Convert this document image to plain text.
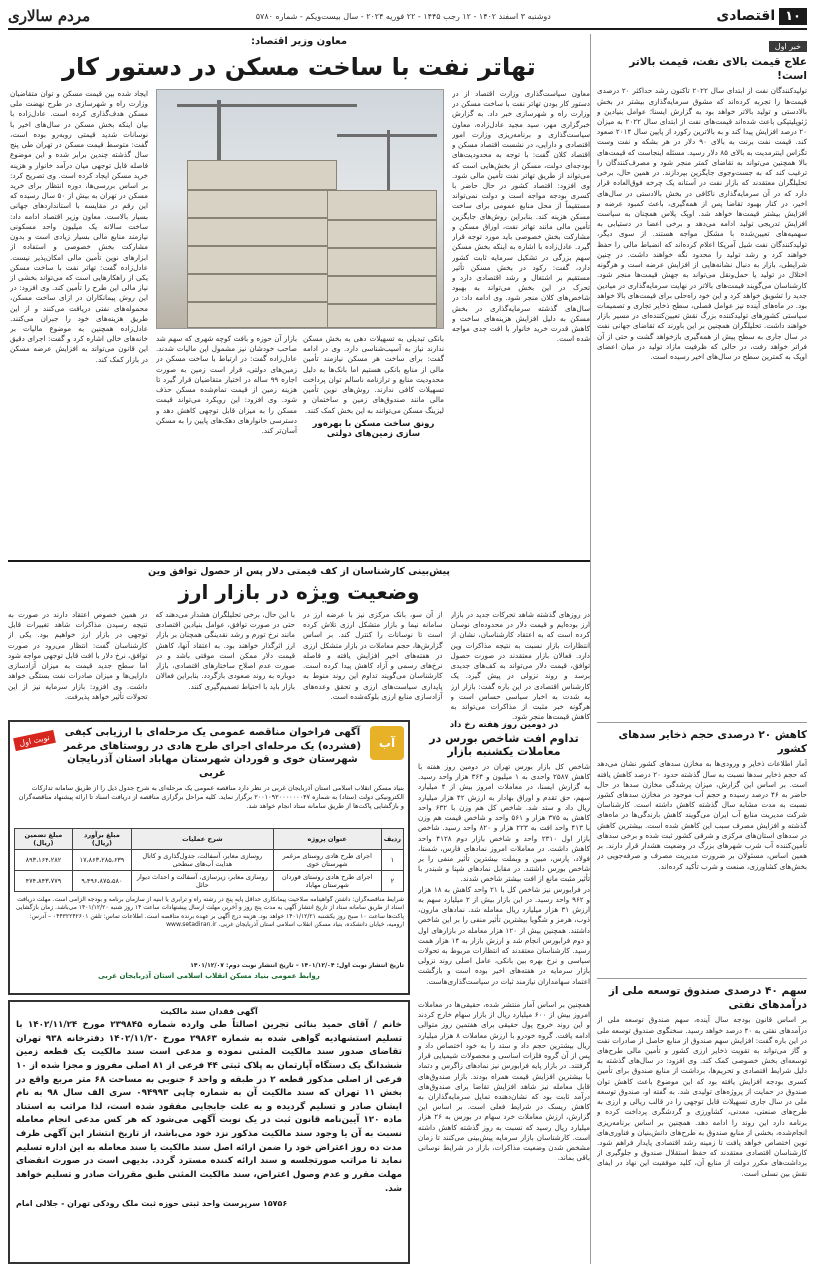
۱۰
اقتصادی
دوشنبه ۳ اسفند ۱۴۰۲ - ۱۲ رجب ۱۴۴۵ - ۲۲ فوریه ۲۰۲۴ - سال بیست‌ویکم - شماره ۵۷۸۰
مردم سالاری
خبر اول
علاج قیمت بالای نفت، قیمت بالاتر است!

تولیدکنندگان نفت از ابتدای سال ۲۰۲۲ تاکنون رشد حداکثر ۲۰ درصدی قیمت‌ها را تجربه کرده‌اند که مشوق سرمایه‌گذاری بیشتر در بخش بالادستی و تولید بالاتر خواهد بود به گزارش ایسنا؛ عوامل بنیادین و ژئوپلیتیکی باعث شده‌اند قیمت‌های نفت از ابتدای سال ۲۰۲۲ به میزان ۲۰ درصد افزایش پیدا کند و به بالاترین رکورد از پایین سال ۲۰۱۴ صعود کند. قیمت نفت برنت به بالای ۹۰ دلار در هر بشکه و نفت وست تگزاس اینترمدیت به بالای ۸۵ دلار رسید. مسئله اینجاست که قیمت‌های بالا همچنین می‌تواند به تقاضای کمتر منجر شود و مصرف‌کنندگان را ترغیب کند که به جست‌وجوی جایگزین بپردازند. در همین حال، برخی تحلیلگران معتقدند که بازار نفت در آستانه یک چرخه فوق‌العاده قرار دارد که در آن سرمایه‌گذاری ناکافی در بخش بالادستی در سال‌های اخیر، در کنار بهبود تقاضا پس از همه‌گیری، باعث کمبود عرضه و افزایش بیشتر قیمت‌ها خواهد شد. اوپک پلاس همچنان به سیاست افزایش تدریجی تولید ادامه می‌دهد و برخی اعضا در دستیابی به سهمیه‌های تعیین‌شده با مشکل مواجه هستند. از سوی دیگر، تولیدکنندگان نفت شیل آمریکا اعلام کرده‌اند که انضباط مالی را حفظ خواهند کرد و رشد تولید را محدود نگه خواهند داشت. در چنین شرایطی، بازار به دنبال نشانه‌هایی از افزایش عرضه است و هرگونه اختلال در تولید یا حمل‌ونقل می‌تواند به جهش قیمت‌ها منجر شود. کارشناسان می‌گویند قیمت‌های بالاتر در نهایت سرمایه‌گذاری در میادین جدید را تشویق خواهد کرد و این خود راه‌حلی برای قیمت‌های بالا خواهد بود. در ماه‌های آینده نیز عوامل فصلی، سطح ذخایر تجاری و تصمیمات سیاستی کشورهای تولیدکننده بزرگ نقش تعیین‌کننده‌ای در مسیر بازار خواهند داشت. تحلیلگران همچنین بر این باورند که تقاضای جهانی نفت در سال جاری به سطح پیش از همه‌گیری بازخواهد گشت و حتی از آن فراتر خواهد رفت، در حالی که ظرفیت مازاد تولید در میان اعضای اوپک به کمترین سطح در سال‌های اخیر رسیده است.

کاهش ۲۰ درصدی حجم ذخایر سدهای کشور

آمار اطلاعات ذخایر و ورودی‌ها به مخازن سدهای کشور نشان می‌دهد که حجم ذخایر سدها نسبت به سال گذشته حدود ۲۰ درصد کاهش یافته است. بر اساس این گزارش، میزان پرشدگی مخازن سدها در حال حاضر به ۴۶ درصد رسیده و حجم آب موجود در مخازن سدهای کشور نسبت به مدت مشابه سال گذشته کاهش داشته است. کارشناسان شرکت مدیریت منابع آب ایران می‌گویند کاهش بارندگی‌ها در ماه‌های گذشته و افزایش مصرف سبب این کاهش شده است. بیشترین کاهش در سدهای استان‌های مرکزی و شرقی کشور ثبت شده و برخی سدهای تأمین‌کننده آب شرب شهرهای بزرگ در وضعیت هشدار قرار دارند. بر همین اساس، مسئولان بر ضرورت مدیریت مصرف و صرفه‌جویی در بخش‌های کشاورزی، صنعت و شرب تأکید کرده‌اند.

سهم ۴۰ درصدی صندوق توسعه ملی از درآمدهای نفتی

بر اساس قانون بودجه سال آینده، سهم صندوق توسعه ملی از درآمدهای نفتی به ۴۰ درصد خواهد رسید. سخنگوی صندوق توسعه ملی در این باره گفت: افزایش سهم صندوق از منابع حاصل از صادرات نفت و گاز می‌تواند به تقویت ذخایر ارزی کشور و تأمین مالی طرح‌های توسعه‌ای بخش خصوصی کمک کند. وی افزود: در سال‌های گذشته به دلیل شرایط اقتصادی و تحریم‌ها، برداشت از منابع صندوق برای تأمین کسری بودجه افزایش یافته بود که این موضوع باعث کاهش توان صندوق در حمایت از پروژه‌های تولیدی شد. به گفته او، صندوق توسعه ملی در سال جاری تسهیلات قابل توجهی را در قالب ریالی و ارزی به طرح‌های صنعتی، معدنی، کشاورزی و گردشگری پرداخت کرده و برنامه دارد این روند را ادامه دهد. همچنین بر اساس برنامه‌ریزی انجام‌شده، بخشی از منابع صندوق به طرح‌های دانش‌بنیان و فناوری‌های نوین اختصاص خواهد یافت تا زمینه رشد اقتصادی پایدار فراهم شود. کارشناسان اقتصادی معتقدند که حفظ استقلال صندوق و جلوگیری از برداشت‌های مکرر دولت از منابع آن، کلید موفقیت این نهاد در ایفای نقش بین نسلی است.

معاون وزیر اقتصاد:
تهاتر نفت با ساخت مسکن در دستور کار
معاون سیاست‌گذاری وزارت اقتصاد از در دستور کار بودن تهاتر نفت با ساخت مسکن در وزارت راه و شهرسازی خبر داد. به گزارش خبرگزاری مهر، سید مجید عادل‌زاده، معاون سیاست‌گذاری و برنامه‌ریزی وزارت امور اقتصادی و دارایی، در نشست اقتصاد مسکن و اقتصاد کلان گفت: با توجه به محدودیت‌های بودجه‌ای دولت، مسکن از بخش‌هایی است که می‌تواند از طریق تهاتر نفت تأمین مالی شود. وی افزود: اقتصاد کشور در حال حاضر با کسری بودجه مواجه است و دولت نمی‌تواند مستقیماً از محل منابع عمومی برای ساخت مسکن هزینه کند. بنابراین روش‌های جایگزین تأمین مالی مانند تهاتر نفت، اوراق مسکن و مشارکت بخش خصوصی باید مورد توجه قرار گیرد. عادل‌زاده با اشاره به اینکه بخش مسکن سهم بزرگی در تشکیل سرمایه ثابت کشور دارد، گفت: رکود در بخش مسکن تأثیر مستقیم بر اشتغال و رشد اقتصادی دارد و تحرک در این بخش می‌تواند به بهبود شاخص‌های کلان منجر شود. وی ادامه داد: در سال‌های گذشته سرمایه‌گذاری در بخش مسکن به دلیل افزایش هزینه‌های ساخت و کاهش قدرت خرید خانوار با افت جدی مواجه شده است.

بانکی تبدیلی به تسهیلات دهی به بخش مسکن ندارند نیاز به آسیب‌شناسی دارد. وی در ادامه گفت: برای ساخت هر مسکن نیازمند تأمین مالی از منابع بانکی هستیم اما بانک‌ها به دلیل محدودیت منابع و ترازنامه ناسالم توان پرداخت تسهیلات کافی ندارند. روش‌های نوین تأمین مالی مانند صندوق‌های زمین و ساختمان و لیزینگ مسکن می‌توانند به این بخش کمک کنند.

رونق ساخت مسکن با بهره‌ور سازی زمین‌های دولتی
بازار آن حوزه و بافت کوچه شهری که سهم شد صاحب خودشان نیز مشمول این مالیات شدند. عادل‌زاده گفت: در ارتباط با ساخت مسکن در زمین‌های دولتی، قرار است زمین به صورت اجاره ۹۹ ساله در اختیار متقاضیان قرار گیرد تا هزینه زمین از قیمت تمام‌شده مسکن حذف شود. وی افزود: این رویکرد می‌تواند قیمت مسکن را به میزان قابل توجهی کاهش دهد و دسترسی خانوارهای دهک‌های پایین را به مسکن آسان‌تر کند.
ایجاد شده بین قیمت مسکن و توان متقاضیان وزارت راه و شهرسازی در طرح نهضت ملی مسکن هدف‌گذاری کرده است. عادل‌زاده با بیان اینکه بخش مسکن در سال‌های اخیر با نوسانات شدید قیمتی روبه‌رو بوده است، گفت: متوسط قیمت مسکن در تهران طی پنج سال گذشته چندین برابر شده و این موضوع فاصله قابل توجهی میان درآمد خانوار و هزینه خرید مسکن ایجاد کرده است. وی تصریح کرد: بر اساس بررسی‌ها، دوره انتظار برای خرید مسکن در تهران به بیش از ۵۰ سال رسیده که این رقم در مقایسه با استانداردهای جهانی بسیار بالاست. معاون وزیر اقتصاد ادامه داد: ساخت سالانه یک میلیون واحد مسکونی نیازمند منابع مالی بسیار زیادی است و بدون مشارکت بخش خصوصی و استفاده از ابزارهای نوین تأمین مالی امکان‌پذیر نیست. عادل‌زاده گفت: تهاتر نفت با ساخت مسکن یکی از راهکارهایی است که می‌تواند بخشی از نیاز مالی این طرح را تأمین کند. وی افزود: در این روش پیمانکاران در ازای ساخت مسکن، محموله‌های نفتی دریافت می‌کنند و از این طریق هزینه‌های خود را جبران می‌کنند. عادل‌زاده همچنین به موضوع مالیات بر خانه‌های خالی اشاره کرد و گفت: اجرای دقیق این قانون می‌تواند به افزایش عرضه مسکن در بازار کمک کند.
پیش‌بینی کارشناسان از کف قیمتی دلار پس از حصول توافق وین
وضعیت ویژه در بازار ارز
در روزهای گذشته شاهد تحرکات جدید در بازار ارز بوده‌ایم و قیمت دلار در محدوده‌ای نوسان کرده است که به اعتقاد کارشناسان، نشان از انتظارات بازار نسبت به نتیجه مذاکرات وین دارد. فعالان بازار معتقدند در صورت حصول توافق، قیمت دلار می‌تواند به کف‌های جدیدی برسد و روند نزولی در پیش گیرد. یک کارشناس اقتصادی در این باره گفت: بازار ارز به شدت به اخبار سیاسی حساس است و هرگونه خبر مثبت از مذاکرات می‌تواند به کاهش قیمت‌ها منجر شود.
از آن سو، بانک مرکزی نیز با عرضه ارز در سامانه نیما و بازار متشکل ارزی تلاش کرده است تا نوسانات را کنترل کند. بر اساس گزارش‌ها، حجم معاملات در بازار متشکل ارزی در هفته‌های اخیر افزایش یافته و فاصله نرخ‌های رسمی و آزاد کاهش پیدا کرده است. کارشناسان می‌گویند تداوم این روند منوط به پایداری سیاست‌های ارزی و تحقق وعده‌های آزادسازی منابع ارزی بلوکه‌شده است.
با این حال، برخی تحلیلگران هشدار می‌دهند که حتی در صورت توافق، عوامل بنیادین اقتصادی مانند نرخ تورم و رشد نقدینگی همچنان بر بازار ارز اثرگذار خواهند بود. به اعتقاد آنها، کاهش قیمت دلار ممکن است موقتی باشد و در صورت عدم اصلاح ساختارهای اقتصادی، بازار دوباره به روند صعودی بازگردد. بنابراین فعالان بازار باید با احتیاط تصمیم‌گیری کنند.
در همین خصوص اعتقاد دارند در صورت به نتیجه رسیدن مذاکرات شاهد تغییرات قابل توجهی در بازار ارز خواهیم بود. یکی از کارشناسان گفت: انتظار می‌رود در صورت توافق، نرخ دلار با افت قابل توجهی مواجه شود اما سطح جدید قیمت به میزان آزادسازی دارایی‌ها و میزان صادرات نفت بستگی خواهد داشت. وی افزود: بازار سرمایه نیز از این تحولات تأثیر خواهد پذیرفت.
آب
آگهی فراخوان مناقصه عمومی یک مرحله‌ای با ارزیابی کیفی (فشرده) یک مرحله‌ای اجرای طرح هادی در روستاهای مرغمر شهرستان خوی و قوردان شهرستان مهاباد استان آذربایجان غربی
نوبت اول

بنیاد مسکن انقلاب اسلامی استان آذربایجان غربی در نظر دارد مناقصه عمومی یک مرحله‌ای به شرح جدول ذیل را از طریق سامانه تدارکات الکترونیکی دولت (ستاد) به شماره ۲۰۰۱۰۹۲۰۰۰۰۰۰۰۴۷ برگزار نماید. کلیه مراحل برگزاری مناقصه از دریافت اسناد تا ارائه پیشنهاد مناقصه‌گران و بازگشایی پاکت‌ها از طریق سامانه ستاد انجام خواهد شد.

ردیف	عنوان پروژه	شرح عملیات	مبلغ برآورد (ریال)	مبلغ تضمین (ریال)
۱	اجرای طرح هادی روستای مرغمر شهرستان خوی	روسازی معابر، آسفالت، جدول‌گذاری و کانال هدایت آب‌های سطحی	۱۷،۸۶۳،۲۸۵،۶۳۹	۸۹۳،۱۶۴،۲۸۲
۲	اجرای طرح هادی روستای قوردان شهرستان مهاباد	روسازی معابر، زیرسازی، آسفالت و احداث دیوار حائل	۹،۴۹۶،۸۷۵،۵۸۰	۴۷۴،۸۴۳،۷۷۹

شرایط مناقصه‌گران: داشتن گواهینامه صلاحیت پیمانکاری حداقل پایه پنج در رشته راه و ترابری یا ابنیه از سازمان برنامه و بودجه الزامی است. مهلت دریافت اسناد از طریق سامانه ستاد از تاریخ انتشار آگهی به مدت پنج روز و آخرین مهلت ارسال پیشنهادات ساعت ۱۴ روز شنبه ۱۴۰۱/۱۲/۲۰ می‌باشد. زمان بازگشایی پاکت‌ها ساعت ۱۰ صبح روز یکشنبه ۱۴۰۱/۱۲/۲۱ خواهد بود. هزینه درج آگهی بر عهده برنده مناقصه است. اطلاعات تماس: تلفن ۰۴۴۳۲۲۴۲۶۰۱ – آدرس: ارومیه، خیابان دانشکده، بنیاد مسکن انقلاب اسلامی استان آذربایجان غربی. www.setadiran.ir

تاریخ انتشار نوبت اول: ۱۴۰۱/۱۲/۰۴ – تاریخ انتشار نوبت دوم: ۱۴۰۱/۱۲/۰۷
روابط عمومی بنیاد مسکن انقلاب اسلامی استان آذربایجان غربی
در دومین روز هفته رخ داد
تداوم افت شاخص بورس در معاملات یکشنبه بازار

شاخص کل بازار بورس تهران در دومین روز هفته با کاهش ۲۵۸۷ واحدی به ۱ میلیون و ۳۶۴ هزار واحد رسید. به گزارش ایسنا، در معاملات امروز بیش از ۴ میلیارد سهم، حق تقدم و اوراق بهادار به ارزش ۴۲ هزار میلیارد ریال داد و ستد شد. شاخص کل هم وزن با ۶۳۲ واحد کاهش به ۳۷۵ هزار و ۵۶۱ واحد و شاخص قیمت هم وزن با ۴۱۳ واحد افت به ۲۲۳ هزار و ۸۲۰ واحد رسید. شاخص بازار اول ۲۳۱۰ واحد و شاخص بازار دوم ۴۱۲۸ واحد کاهش داشت. در معاملات امروز نمادهای فارس، شستا، فولاد، پارس، مبین و وبملت بیشترین تأثیر منفی را بر شاخص بورس داشتند. در مقابل نمادهای شپنا و شبندر با تأثیر مثبت مانع از افت بیشتر شاخص شدند.

در فرابورس نیز شاخص کل با ۲۱ واحد کاهش به ۱۸ هزار و ۹۶۲ واحد رسید. در این بازار بیش از ۲ میلیارد سهم به ارزش ۳۱ هزار میلیارد ریال معامله شد. نمادهای مارون، ذوب، هرمز و شگویا بیشترین تأثیر منفی را بر این شاخص داشتند. همچنین بیش از ۱۲۰ هزار معامله در بازارهای اول و دوم فرابورس انجام شد و ارزش بازار به ۱۴ هزار همت رسید. کارشناسان معتقدند که انتظارات مربوط به تحولات سیاسی و نرخ بهره بین بانکی، عامل اصلی روند نزولی بازار سرمایه در هفته‌های اخیر بوده است و بازگشت اعتماد سهامداران نیازمند ثبات در سیاست‌گذاری‌هاست.

آگهی فقدان سند مالکیت

خانم / آقای حمید بنائی تجرین اصالتاً طی وارده شماره ۲۳۹۸۴۵ مورخ ۱۴۰۲/۱۱/۲۴ با تسلیم استشهادیه گواهی شده به شماره ۲۹۸۶۳ مورخ ۱۴۰۲/۱۱/۲۰ دفترخانه ۹۳۸ تهران تقاضای صدور سند مالکیت المثنی نموده و مدعی است سند مالکیت یک قطعه زمین ششدانگ یک دستگاه آپارتمان به پلاک ثبتی ۴۴ فرعی از ۸۱ اصلی مفروز و مجزا شده از ۱۰ فرعی از اصلی مذکور قطعه ۲ در طبقه و واحد ۶ جنوبی به مساحت ۶۸ متر مربع واقع در بخش ۱۱ تهران که سند مالکیت آن به شماره چاپی ۰۹۴۹۹۳ سری الف سال ۹۸ به نام ایشان صادر و تسلیم گردیده و به علت جابجایی مفقود شده است، لذا مراتب به استناد ماده ۱۲۰ آیین‌نامه قانون ثبت در یک نوبت آگهی می‌شود که هر کس مدعی انجام معامله نسبت به آن یا وجود سند مالکیت مذکور نزد خود می‌باشد، از تاریخ انتشار این آگهی ظرف مدت ده روز اعتراض خود را ضمن ارائه اصل سند مالکیت یا سند معامله به این اداره تسلیم نماید تا مراتب صورتجلسه و سند ارائه کننده مسترد گردد. بدیهی است در صورت انقضای مهلت مقرر و عدم وصول اعتراض، سند مالکیت المثنی طبق مقررات صادر و تسلیم خواهد شد.

۱۵۷۵۶ سرپرست واحد ثبتی حوزه ثبت ملک رودکی تهران - جلالی امام

همچنین بر اساس آمار منتشر شده، حقیقی‌ها در معاملات امروز بیش از ۶۰۰ میلیارد ریال از بازار سهام خارج کردند و این روند خروج پول حقیقی برای هفتمین روز متوالی ادامه یافت. گروه خودرو با ارزش معاملات ۸ هزار میلیارد ریال بیشترین حجم داد و ستد را به خود اختصاص داد و پس از آن گروه فلزات اساسی و محصولات شیمیایی قرار گرفتند. در بازار پایه فرابورس نیز نمادهای زاگرس و دتماد با بیشترین افزایش قیمت همراه بودند. بازار صندوق‌های قابل معامله نیز شاهد افزایش تقاضا برای صندوق‌های درآمد ثابت بود که نشان‌دهنده تمایل سرمایه‌گذاران به کاهش ریسک در شرایط فعلی است. بر اساس این گزارش، ارزش معاملات خرد سهام در بورس به ۲۶ هزار میلیارد ریال رسید که نسبت به روز گذشته کاهش داشته است. کارشناسان بازار سرمایه پیش‌بینی می‌کنند تا زمان مشخص شدن وضعیت مذاکرات، بازار در شرایط نوسانی باقی بماند.
